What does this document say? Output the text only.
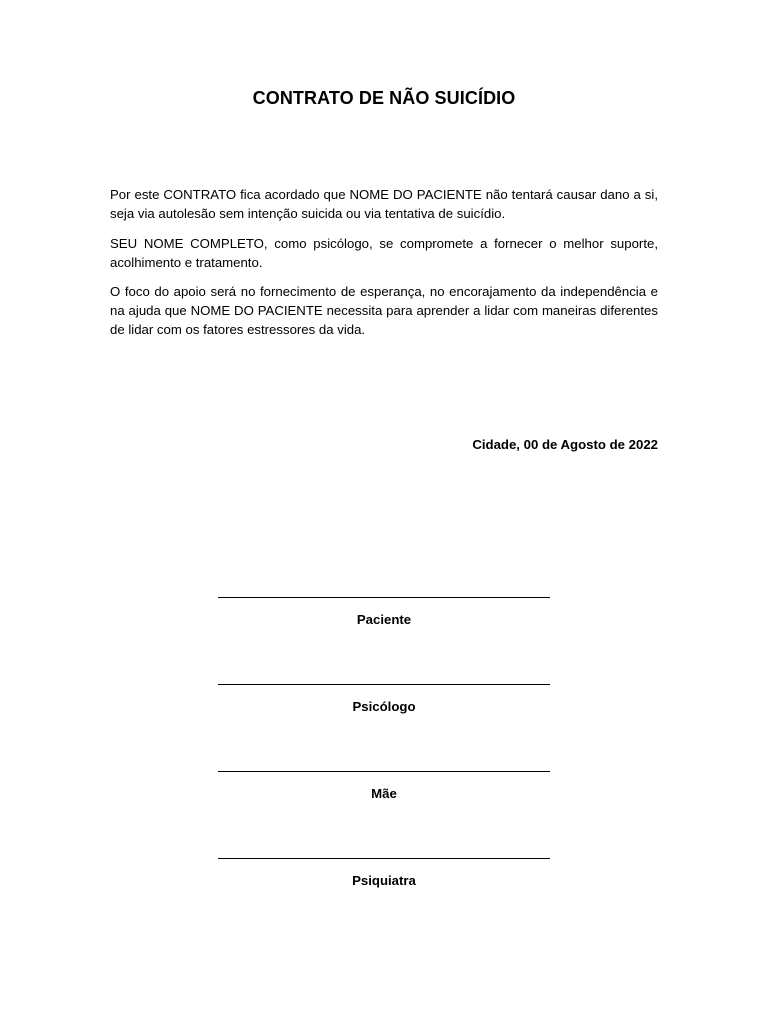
CONTRATO DE NÃO SUICÍDIO

Por este CONTRATO fica acordado que NOME DO PACIENTE não tentará causar dano a si, seja via autolesão sem intenção suicida ou via tentativa de suicídio.

SEU NOME COMPLETO, como psicólogo, se compromete a fornecer o melhor suporte, acolhimento e tratamento.

O foco do apoio será no fornecimento de esperança, no encorajamento da independência e na ajuda que NOME DO PACIENTE necessita para aprender a lidar com maneiras diferentes de lidar com os fatores estressores da vida.

Cidade, 00 de Agosto de 2022
Paciente
Psicólogo
Mãe
Psiquiatra
